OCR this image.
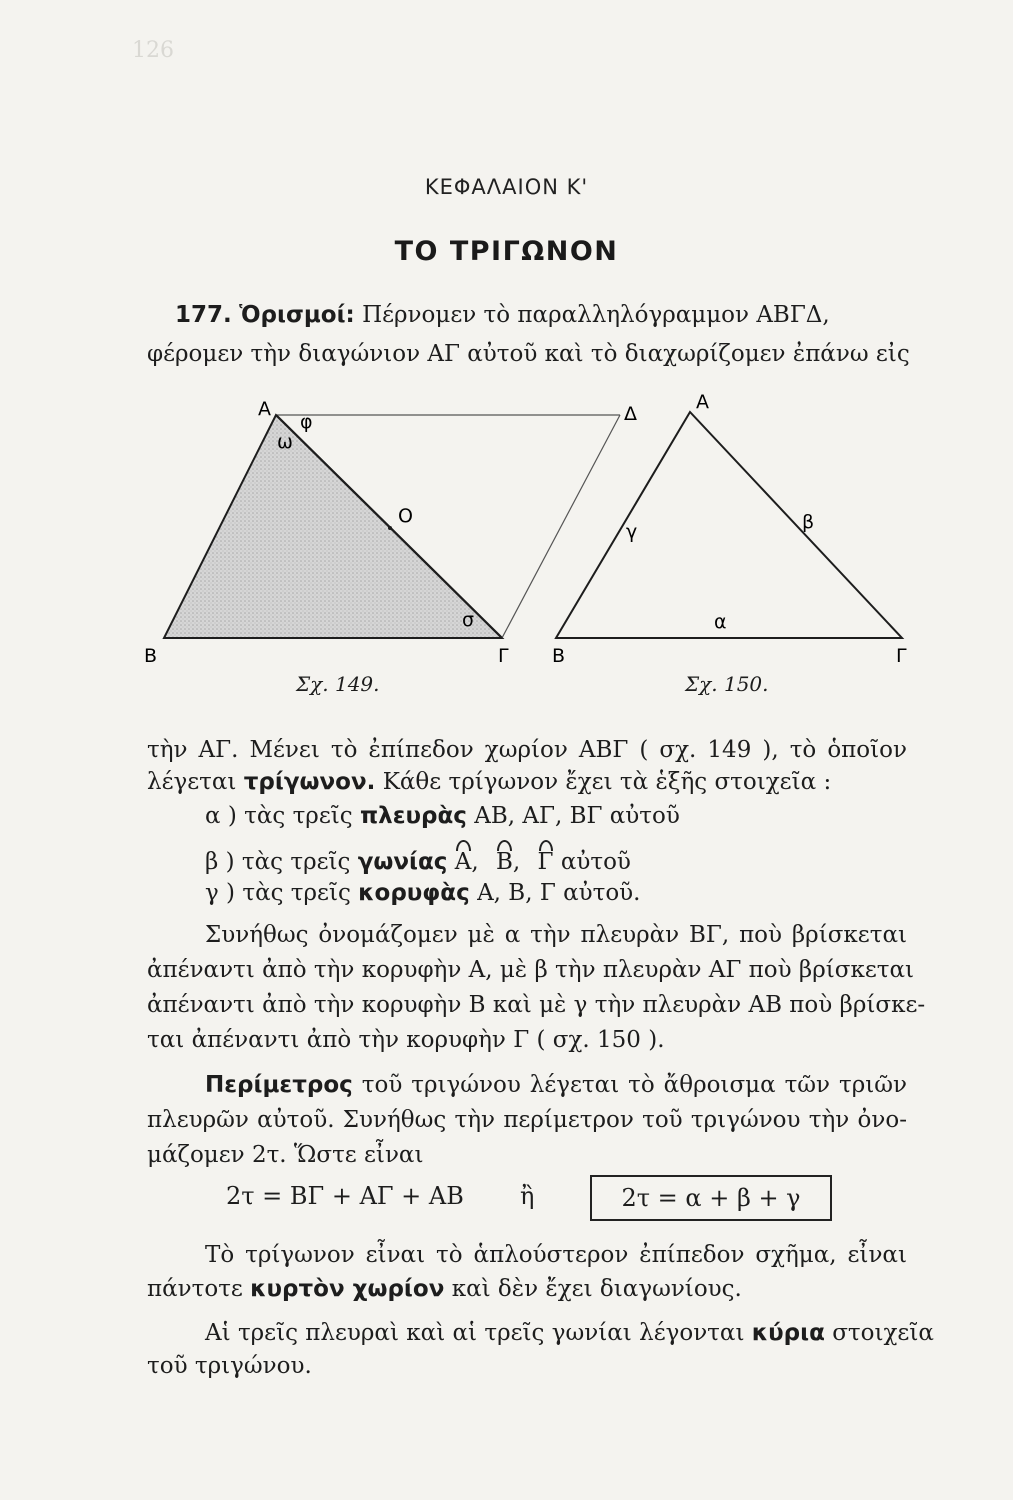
126
ΚΕΦΑΛΑΙΟΝ Κ'
ΤΟ ΤΡΙΓΩΝΟΝ
177. Ὁρισμοί: Πέρνομεν τὸ παραλληλόγραμμον ΑΒΓΔ,
φέρομεν τὴν διαγώνιον ΑΓ αὐτοῦ καὶ τὸ διαχωρίζομεν ἐπάνω εἰς
Α
φ
ω
Δ
Ο
σ
Β	Γ
Α
γ	β
α
Β	Γ
Σχ. 149.	Σχ. 150.
τὴν ΑΓ. Μένει τὸ ἐπίπεδον χωρίον ΑΒΓ ( σχ. 149 ), τὸ ὁποῖον
λέγεται τρίγωνον. Κάθε τρίγωνον ἔχει τὰ ἑξῆς στοιχεῖα :
α ) τὰς τρεῖς πλευρὰς ΑΒ, ΑΓ, ΒΓ αὐτοῦ
β ) τὰς τρεῖς γωνίας Α, Β, Γ αὐτοῦ
γ ) τὰς τρεῖς κορυφὰς Α, Β, Γ αὐτοῦ.
Συνήθως ὀνομάζομεν μὲ α τὴν πλευρὰν ΒΓ, ποὺ βρίσκεται
ἀπέναντι ἀπὸ τὴν κορυφὴν Α, μὲ β τὴν πλευρὰν ΑΓ ποὺ βρίσκεται
ἀπέναντι ἀπὸ τὴν κορυφὴν Β καὶ μὲ γ τὴν πλευρὰν ΑΒ ποὺ βρίσκε-
ται ἀπέναντι ἀπὸ τὴν κορυφὴν Γ ( σχ. 150 ).
Περίμετρος τοῦ τριγώνου λέγεται τὸ ἄθροισμα τῶν τριῶν
πλευρῶν αὐτοῦ. Συνήθως τὴν περίμετρον τοῦ τριγώνου τὴν ὀνο-
μάζομεν 2τ. Ὥστε εἶναι
2τ = ΒΓ + ΑΓ + ΑΒ ἢ	2τ = α + β + γ
Τὸ τρίγωνον εἶναι τὸ ἁπλούστερον ἐπίπεδον σχῆμα, εἶναι
πάντοτε κυρτὸν χωρίον καὶ δὲν ἔχει διαγωνίους.
Αἱ τρεῖς πλευραὶ καὶ αἱ τρεῖς γωνίαι λέγονται κύρια στοιχεῖα
τοῦ τριγώνου.
